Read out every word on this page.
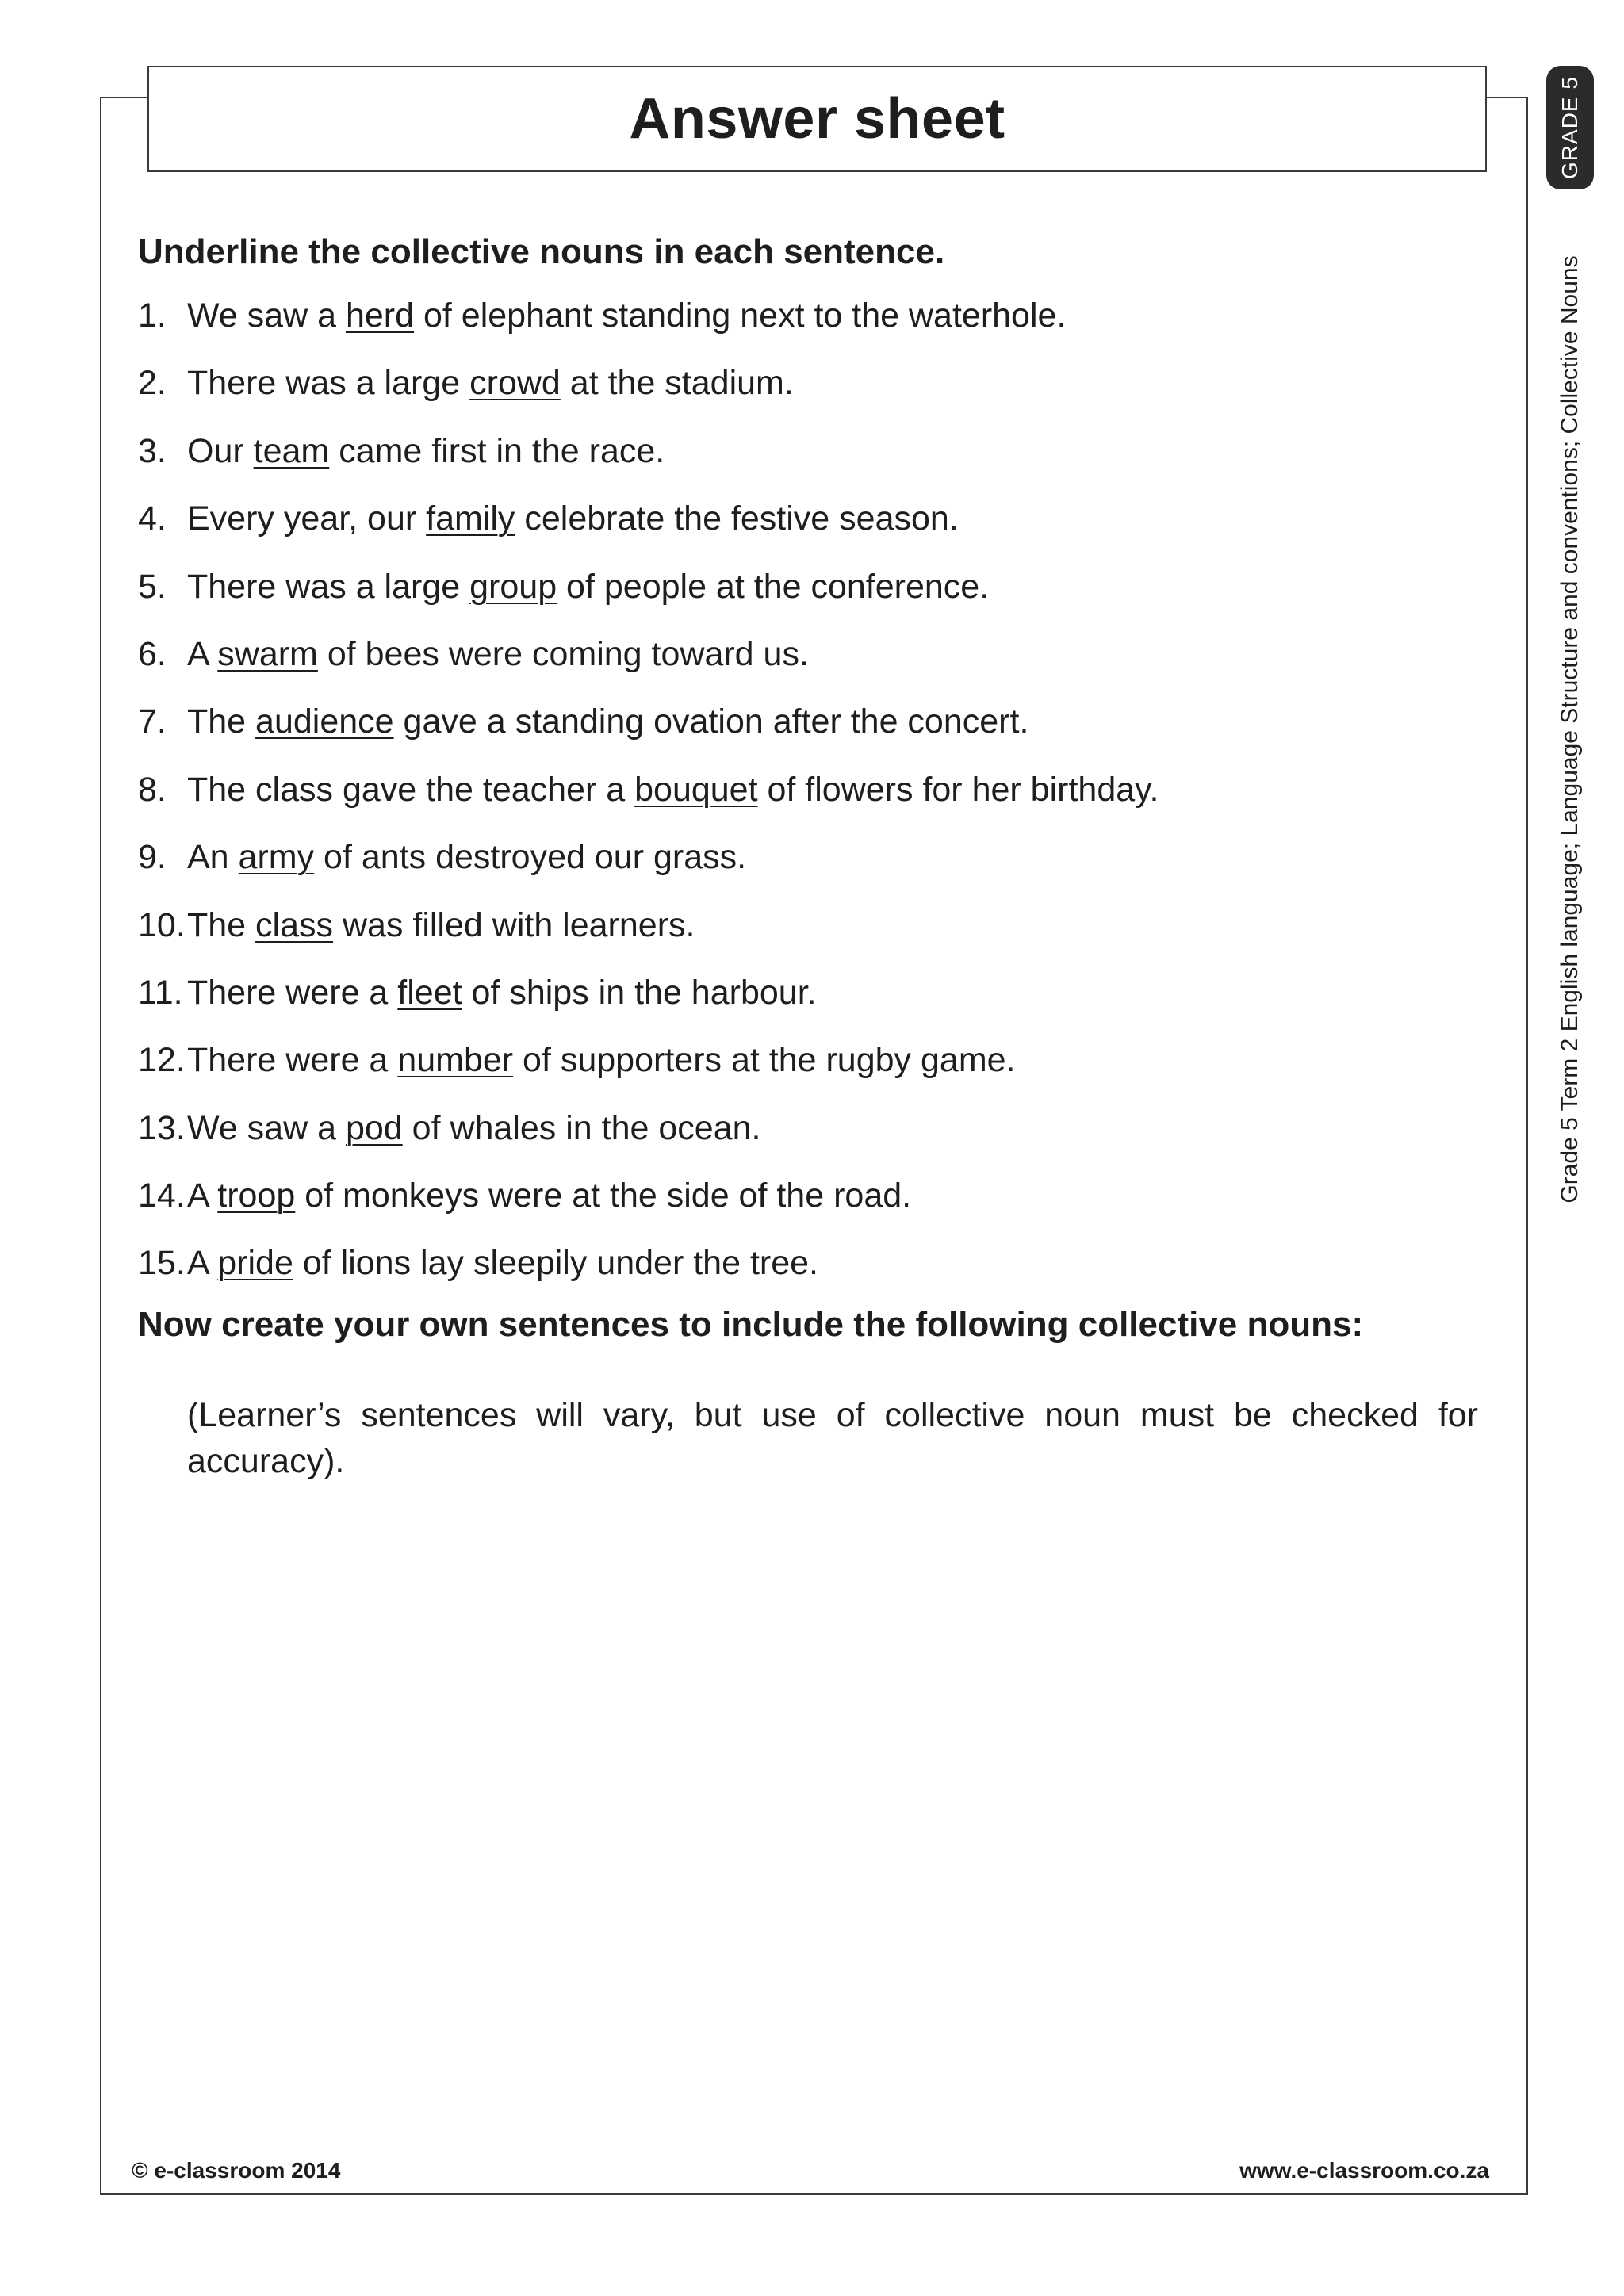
Answer sheet	GRADE 5
Grade 5 Term 2 English language; Language Structure and conventions; Collective Nouns

Underline the collective nouns in each sentence.

1. We saw a herd of elephant standing next to the waterhole.
2. There was a large crowd at the stadium.
3. Our team came first in the race.
4. Every year, our family celebrate the festive season.
5. There was a large group of people at the conference.
6. A swarm of bees were coming toward us.
7. The audience gave a standing ovation after the concert.
8. The class gave the teacher a bouquet of flowers for her birthday.
9. An army of ants destroyed our grass.
10. The class was filled with learners.
11. There were a fleet of ships in the harbour.
12. There were a number of supporters at the rugby game.
13. We saw a pod of whales in the ocean.
14. A troop of monkeys were at the side of the road.
15. A pride of lions lay sleepily under the tree.

Now create your own sentences to include the following collective nouns:

(Learner’s sentences will vary, but use of collective noun must be checked for accuracy).

© e-classroom 2014	www.e-classroom.co.za
